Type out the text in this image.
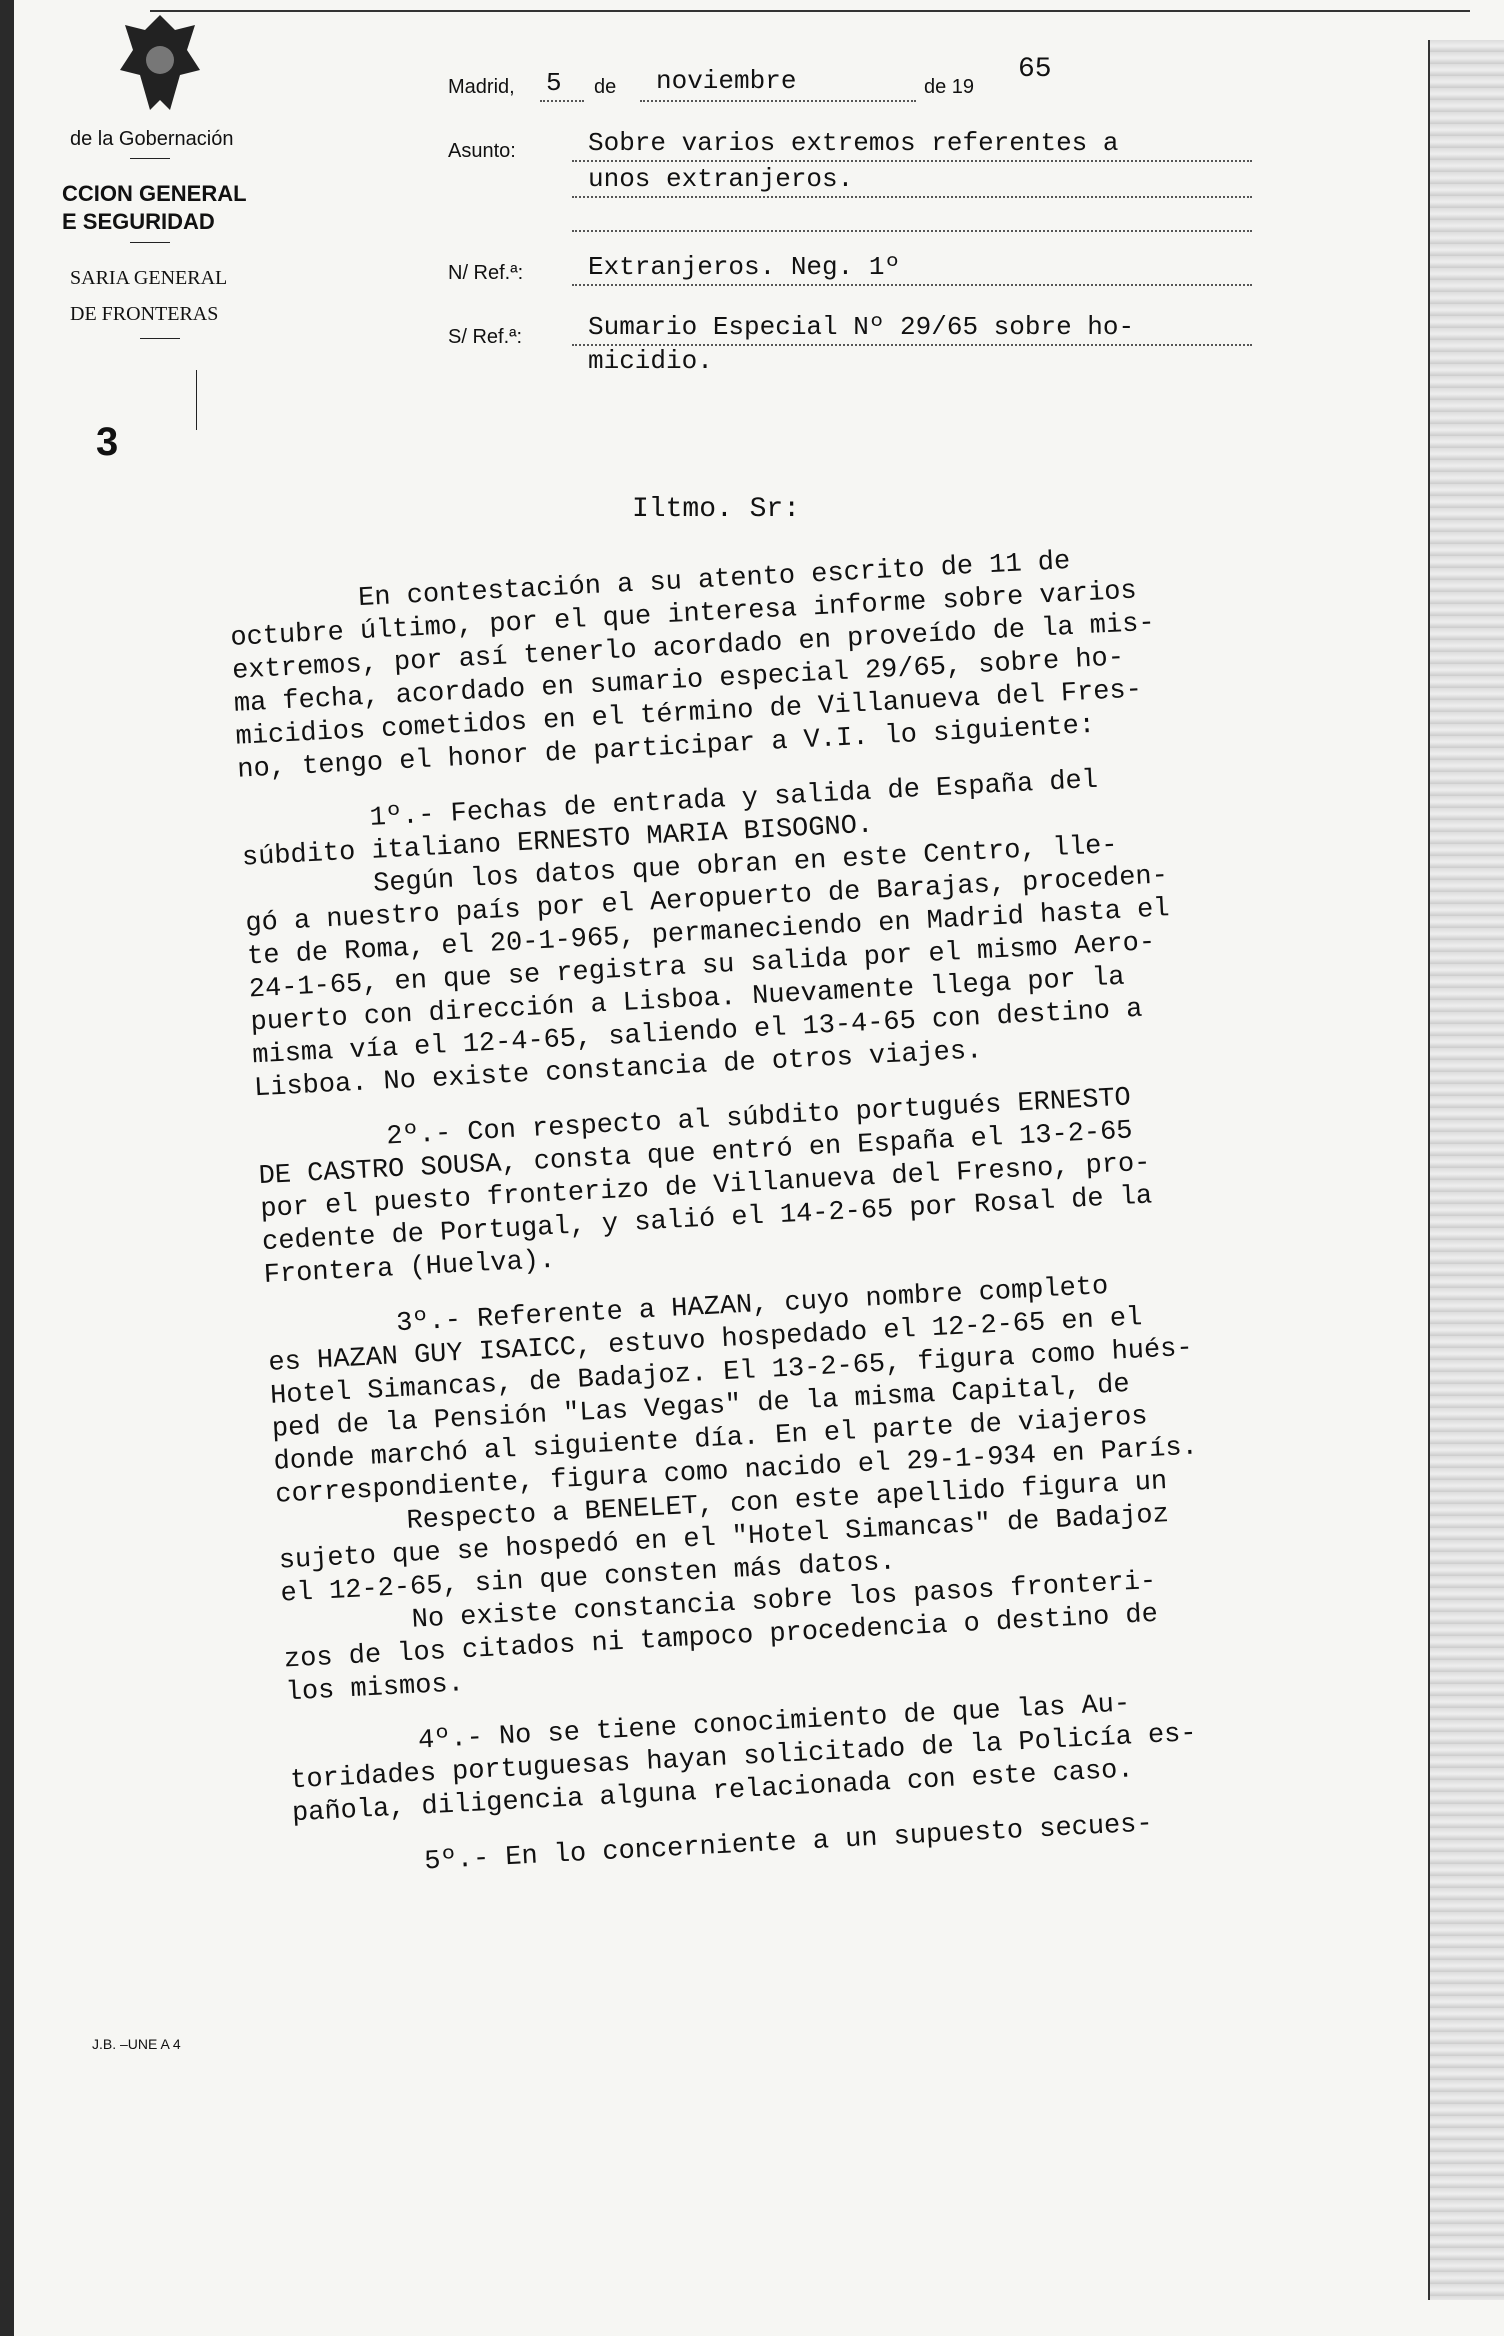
de la Gobernación
CCION GENERAL
E SEGURIDAD
SARIA GENERAL
DE FRONTERAS
3
Madrid, 5 de noviembre	de 19
65
Asunto:	Sobre varios extremos referentes a
unos extranjeros.
N/ Ref.ª: Extranjeros. Neg. 1º
S/ Ref.ª:	Sumario Especial Nº 29/65 sobre ho-
micidio.
Iltmo. Sr:

En contestación a su atento escrito de 11 de
octubre último, por el que interesa informe sobre varios
extremos, por así tenerlo acordado en proveído de la mis-
ma fecha, acordado en sumario especial 29/65, sobre ho-
micidios cometidos en el término de Villanueva del Fres-
no, tengo el honor de participar a V.I. lo siguiente:

1º.- Fechas de entrada y salida de España del
súbdito italiano ERNESTO MARIA BISOGNO.
Según los datos que obran en este Centro, lle-
gó a nuestro país por el Aeropuerto de Barajas, proceden-
te de Roma, el 20-1-965, permaneciendo en Madrid hasta el
24-1-65, en que se registra su salida por el mismo Aero-
puerto con dirección a Lisboa. Nuevamente llega por la
misma vía el 12-4-65, saliendo el 13-4-65 con destino a
Lisboa. No existe constancia de otros viajes.

2º.- Con respecto al súbdito portugués ERNESTO
DE CASTRO SOUSA, consta que entró en España el 13-2-65
por el puesto fronterizo de Villanueva del Fresno, pro-
cedente de Portugal, y salió el 14-2-65 por Rosal de la
Frontera (Huelva).

3º.- Referente a HAZAN, cuyo nombre completo
es HAZAN GUY ISAICC, estuvo hospedado el 12-2-65 en el
Hotel Simancas, de Badajoz. El 13-2-65, figura como hués-
ped de la Pensión "Las Vegas" de la misma Capital, de
donde marchó al siguiente día. En el parte de viajeros
correspondiente, figura como nacido el 29-1-934 en París.
Respecto a BENELET, con este apellido figura un
sujeto que se hospedó en el "Hotel Simancas" de Badajoz
el 12-2-65, sin que consten más datos.
No existe constancia sobre los pasos fronteri-
zos de los citados ni tampoco procedencia o destino de
los mismos.

4º.- No se tiene conocimiento de que las Au-
toridades portuguesas hayan solicitado de la Policía es-
pañola, diligencia alguna relacionada con este caso.

5º.- En lo concerniente a un supuesto secues-

J.B. –UNE A 4
